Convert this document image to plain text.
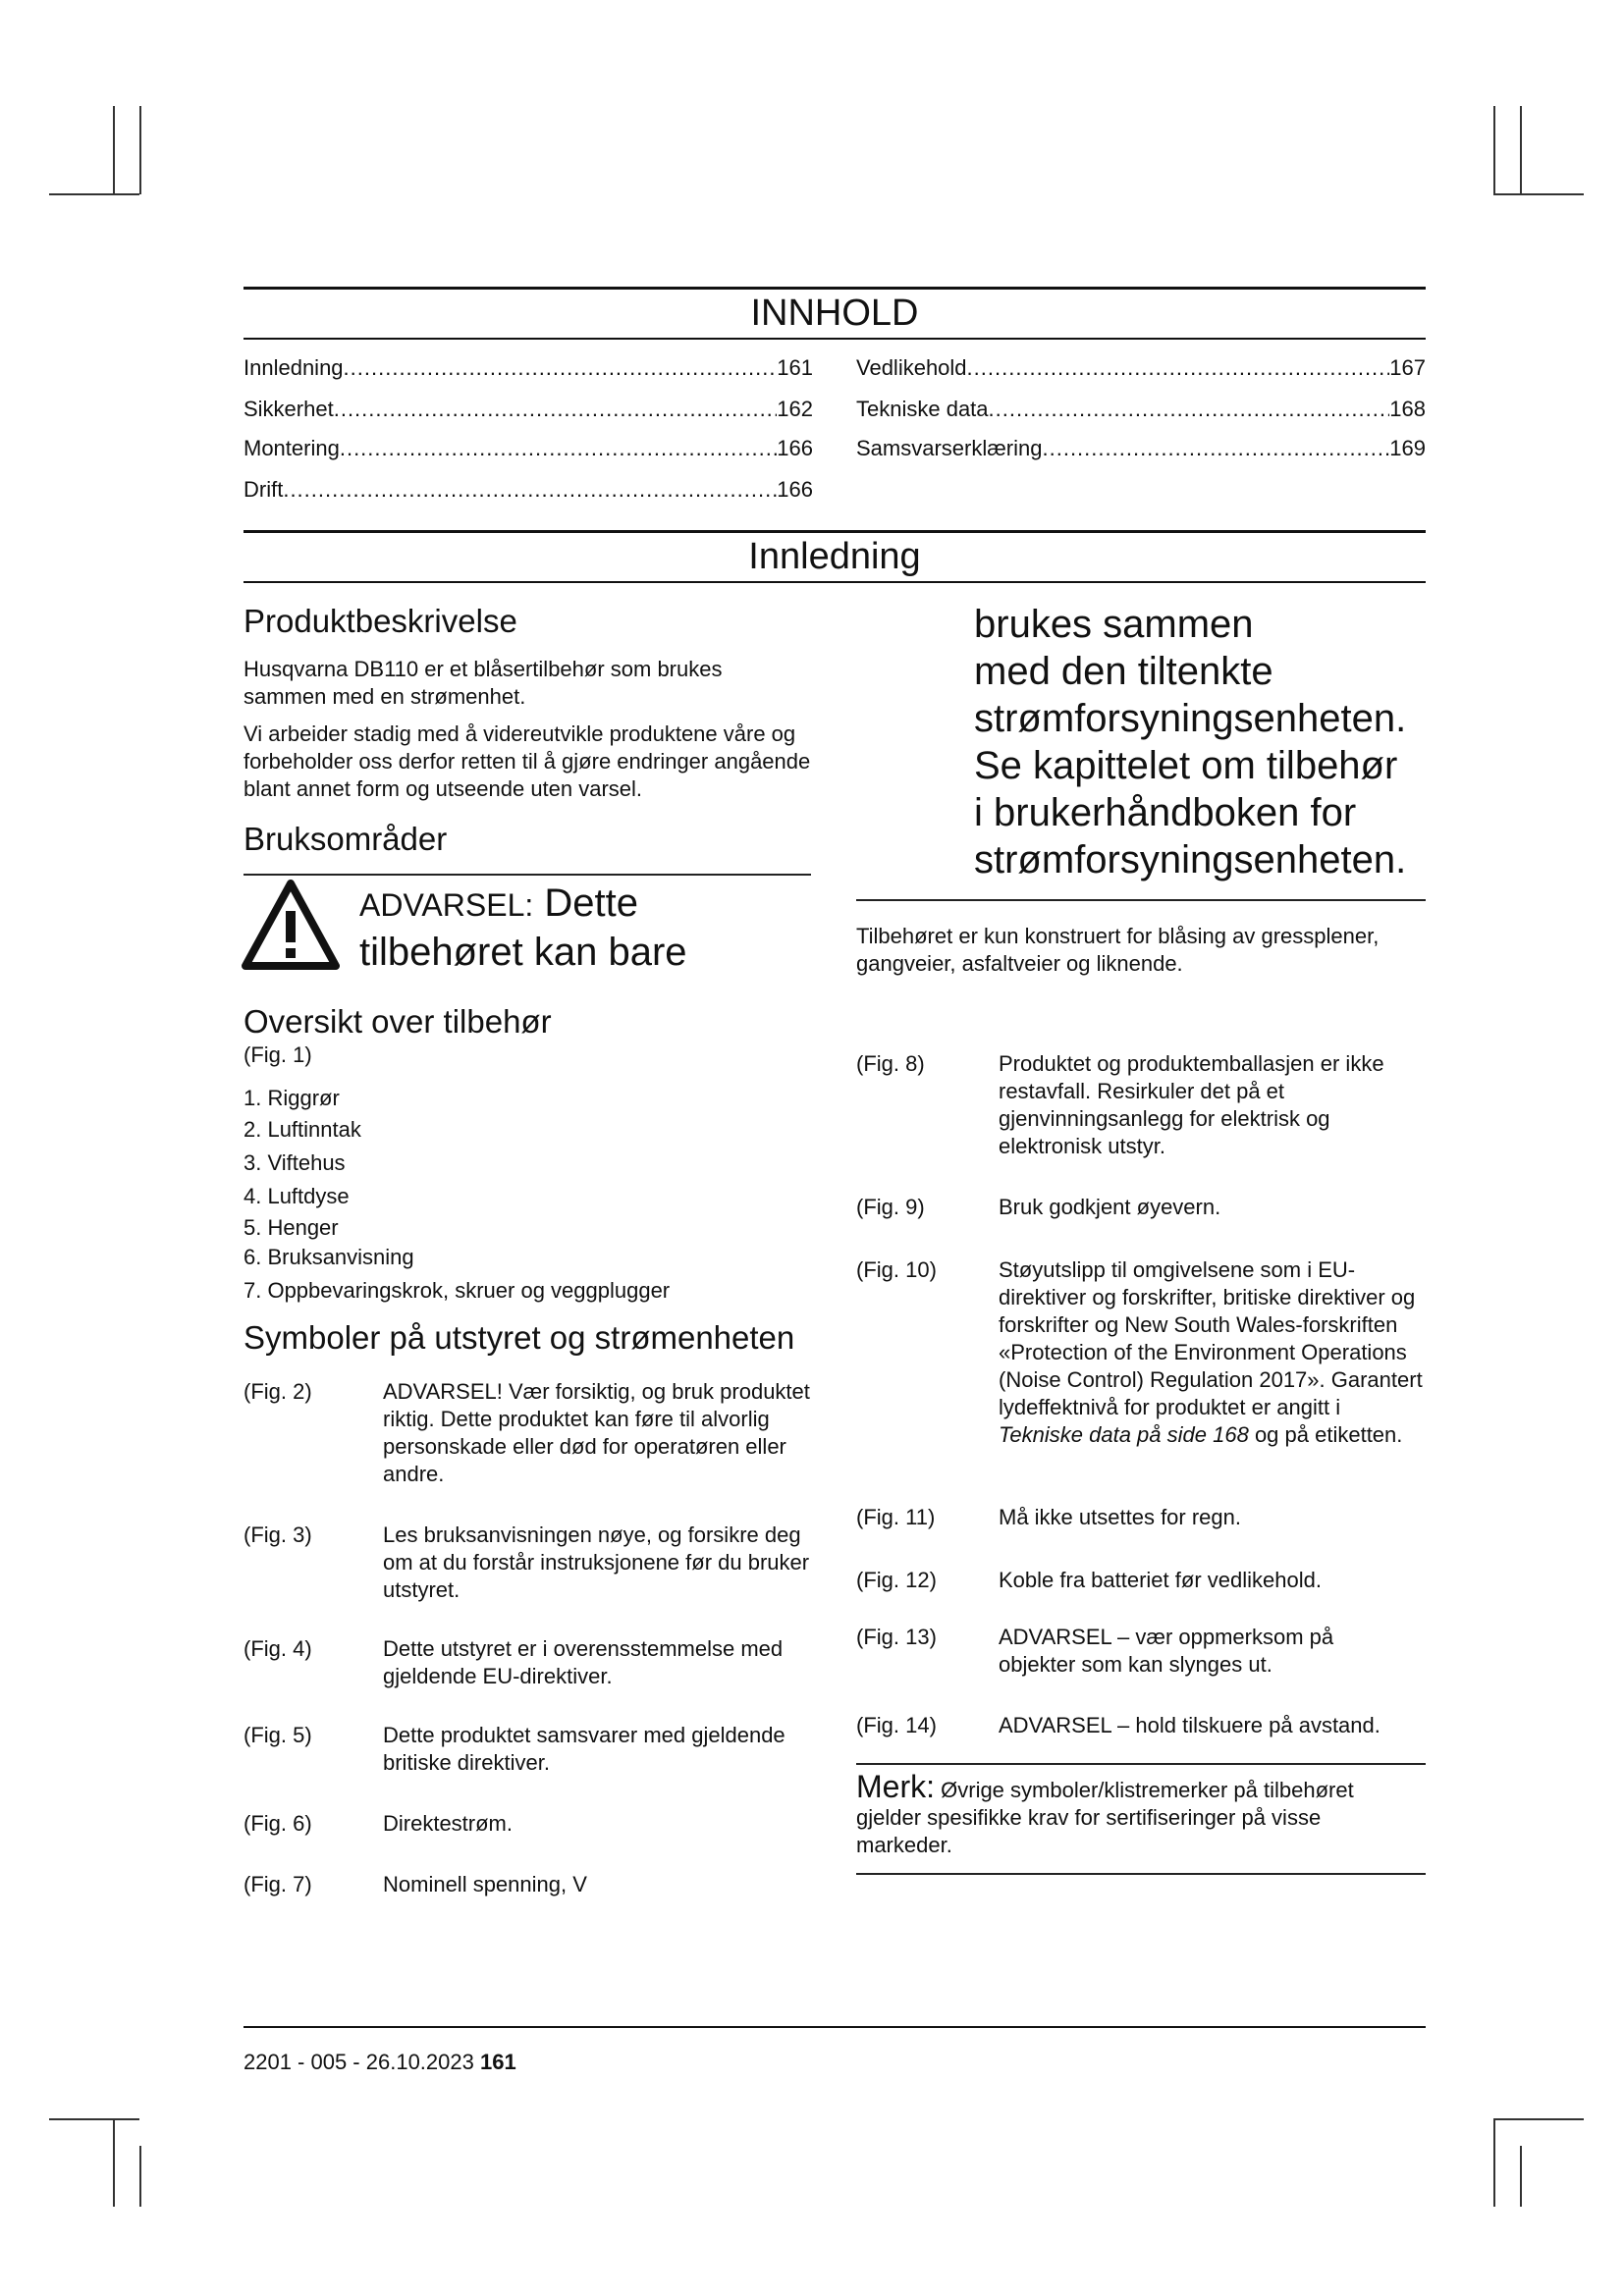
INNHOLD
Innledning .....	161
Sikkerhet .....	162
Montering .....	166
Drift .....	166
Vedlikehold .....	167
Tekniske data .....	168
Samsvarserklæring .....	169
Innledning
Produktbeskrivelse
Husqvarna DB110 er et blåsertilbehør som brukes sammen med en strømenhet.
Vi arbeider stadig med å videreutvikle produktene våre og forbeholder oss derfor retten til å gjøre endringer angående blant annet form og utseende uten varsel.
Bruksområder
ADVARSEL: Dette
tilbehøret kan bare
Oversikt over tilbehør
(Fig. 1)
1. Riggrør
2. Luftinntak
3. Viftehus
4. Luftdyse
5. Henger
6. Bruksanvisning
7. Oppbevaringskrok, skruer og veggplugger
Symboler på utstyret og strømenheten
(Fig. 2)	ADVARSEL! Vær forsiktig, og bruk produktet riktig. Dette produktet kan føre til alvorlig personskade eller død for operatøren eller andre.
(Fig. 3)	Les bruksanvisningen nøye, og forsikre deg om at du forstår instruksjonene før du bruker utstyret.
(Fig. 4)	Dette utstyret er i overensstemmelse med gjeldende EU-direktiver.
(Fig. 5)	Dette produktet samsvarer med gjeldende britiske direktiver.
(Fig. 6)	Direktestrøm.
(Fig. 7)	Nominell spenning, V
brukes sammen
med den tiltenkte
strømforsyningsenheten.
Se kapittelet om tilbehør
i brukerhåndboken for
strømforsyningsenheten.
Tilbehøret er kun konstruert for blåsing av gressplener, gangveier, asfaltveier og liknende.
(Fig. 8)	Produktet og produktemballasjen er ikke restavfall. Resirkuler det på et gjenvinningsanlegg for elektrisk og elektronisk utstyr.
(Fig. 9)	Bruk godkjent øyevern.
(Fig. 10)	Støyutslipp til omgivelsene som i EU-direktiver og forskrifter, britiske direktiver og forskrifter og New South Wales-forskriften «Protection of the Environment Operations (Noise Control) Regulation 2017». Garantert lydeffektnivå for produktet er angitt i Tekniske data på side 168 og på etiketten.
(Fig. 11)	Må ikke utsettes for regn.
(Fig. 12)	Koble fra batteriet før vedlikehold.
(Fig. 13)	ADVARSEL – vær oppmerksom på objekter som kan slynges ut.
(Fig. 14)	ADVARSEL – hold tilskuere på avstand.
Merk: Øvrige symboler/klistremerker på tilbehøret gjelder spesifikke krav for sertifiseringer på visse markeder.
2201 - 005 - 26.10.2023 161
